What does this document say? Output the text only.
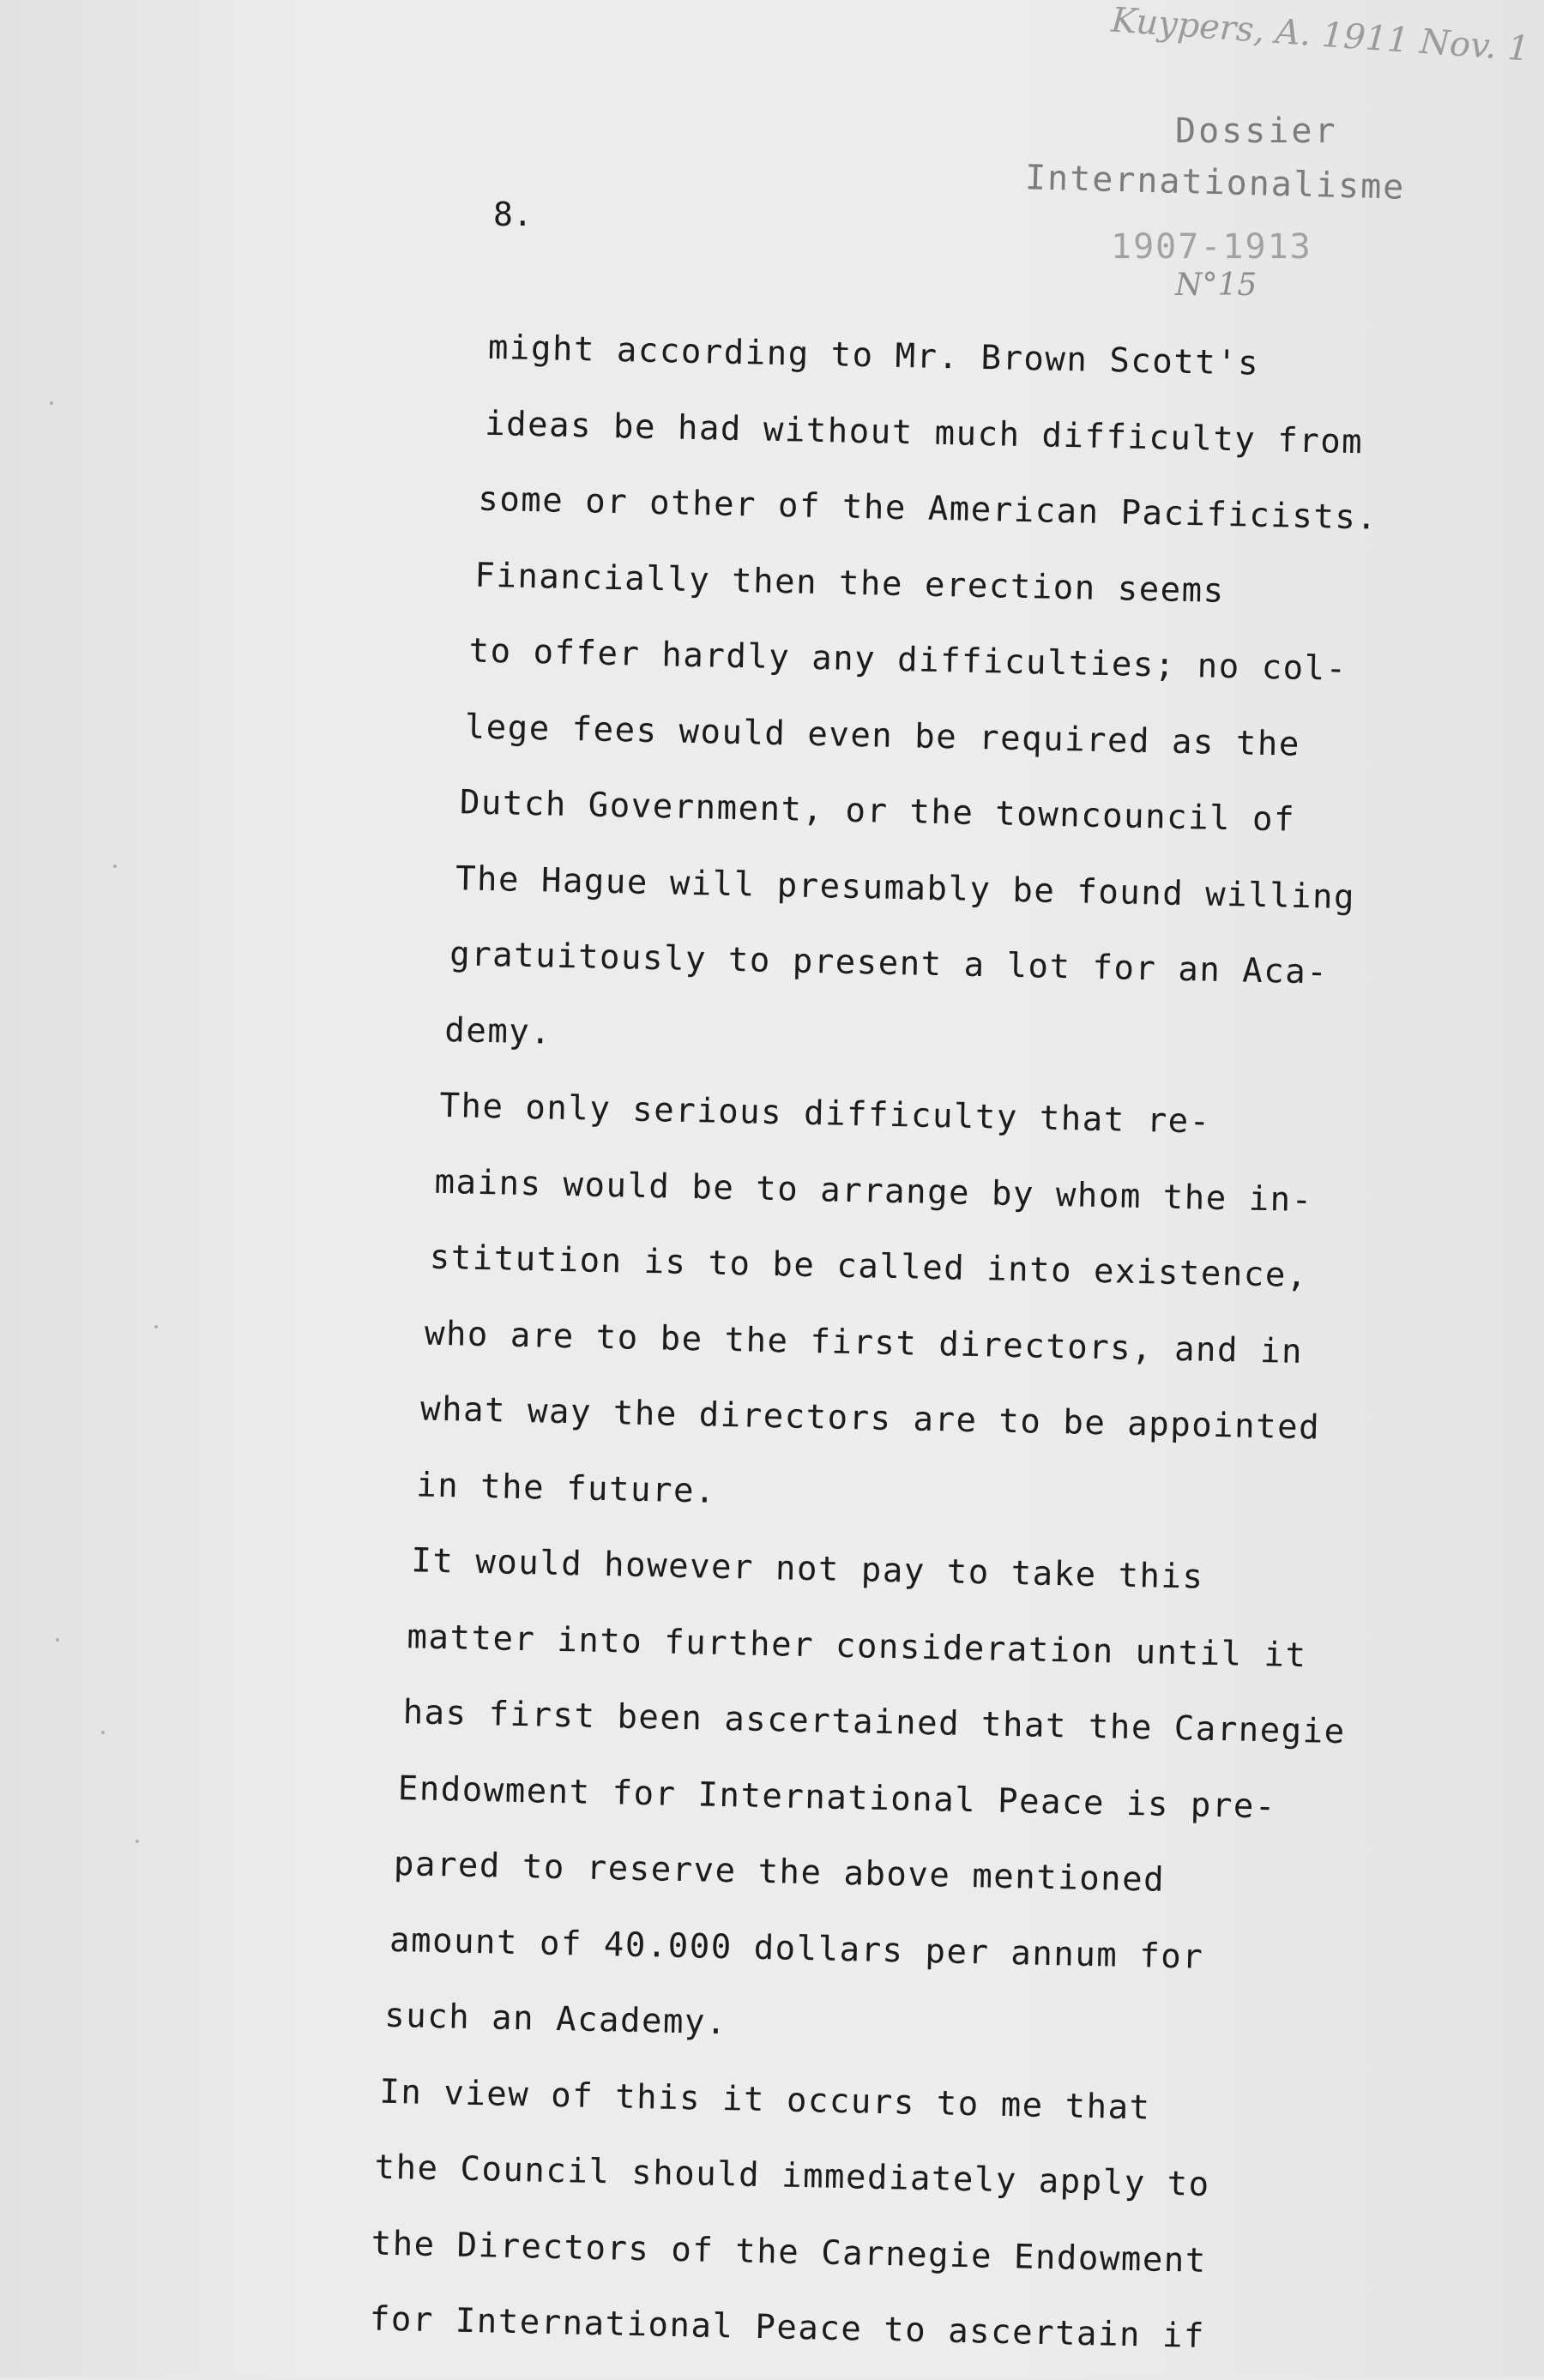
Kuypers, A. 1911 Nov. 1
Dossier
Internationalisme
1907-1913
N°15
8.
might according to Mr. Brown Scott's
ideas be had without much difficulty from
some or other of the American Pacificists.
Financially then the erection seems
to offer hardly any difficulties; no col-
lege fees would even be required as the
Dutch Government, or the towncouncil of
The Hague will presumably be found willing
gratuitously to present a lot for an Aca-
demy.
The only serious difficulty that re-
mains would be to arrange by whom the in-
stitution is to be called into existence,
who are to be the first directors, and in
what way the directors are to be appointed
in the future.
It would however not pay to take this
matter into further consideration until it
has first been ascertained that the Carnegie
Endowment for International Peace is pre-
pared to reserve the above mentioned
amount of 40.000 dollars per annum for
such an Academy.
In view of this it occurs to me that
the Council should immediately apply to
the Directors of the Carnegie Endowment
for International Peace to ascertain if
